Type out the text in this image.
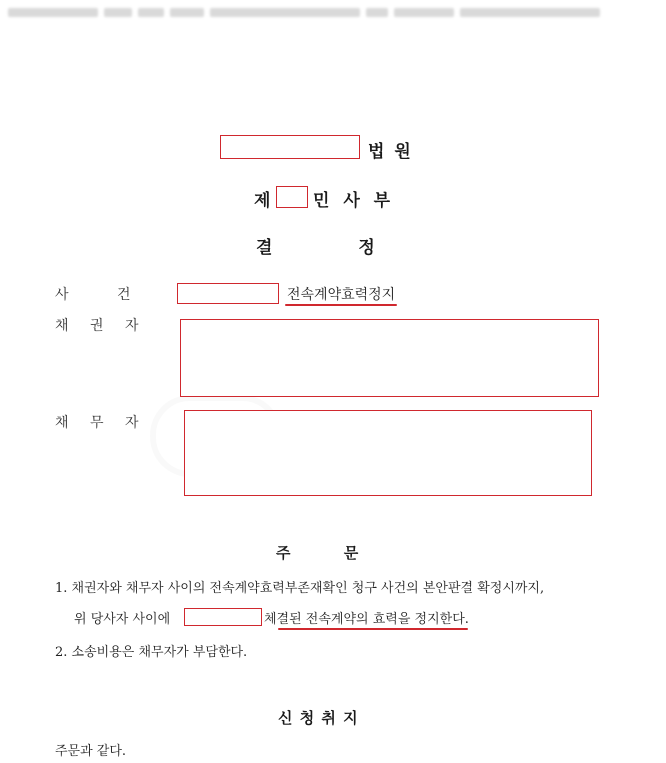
법 원
제	민 사 부
결 정
사 건	전속계약효력정지
채 권 자
채 무 자
주 문
1. 채권자와 채무자 사이의 전속계약효력부존재확인 청구 사건의 본안판결 확정시까지,
위 당사자 사이에	체결된 전속계약의 효력을 정지한다.
2. 소송비용은 채무자가 부담한다.
신 청 취 지
주문과 같다.
